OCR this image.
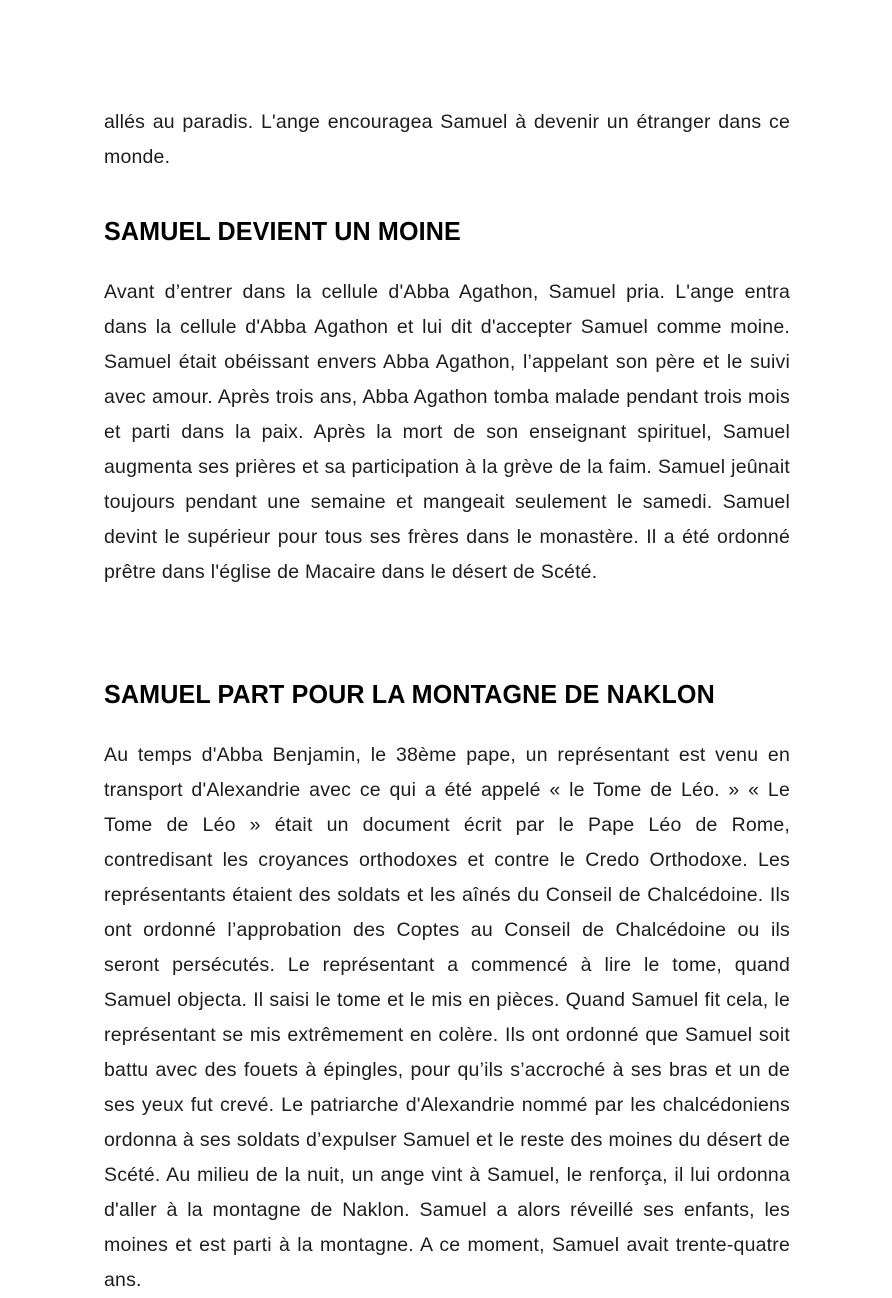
allés au paradis. L'ange encouragea Samuel à devenir un étranger dans ce monde.

SAMUEL DEVIENT UN MOINE

Avant d’entrer dans la cellule d'Abba Agathon, Samuel pria. L'ange entra dans la cellule d'Abba Agathon et lui dit d'accepter Samuel comme moine. Samuel était obéissant envers Abba Agathon, l’appelant son père et le suivi avec amour. Après trois ans, Abba Agathon tomba malade pendant trois mois et parti dans la paix. Après la mort de son enseignant spirituel, Samuel augmenta ses prières et sa participation à la grève de la faim. Samuel jeûnait toujours pendant une semaine et mangeait seulement le samedi. Samuel devint le supérieur pour tous ses frères dans le monastère. Il a été ordonné prêtre dans l'église de Macaire dans le désert de Scété.

SAMUEL PART POUR LA MONTAGNE DE NAKLON

Au temps d'Abba Benjamin, le 38ème pape, un représentant est venu en transport d'Alexandrie avec ce qui a été appelé « le Tome de Léo. » « Le Tome de Léo » était un document écrit par le Pape Léo de Rome, contredisant les croyances orthodoxes et contre le Credo Orthodoxe. Les représentants étaient des soldats et les aînés du Conseil de Chalcédoine. Ils ont ordonné l’approbation des Coptes au Conseil de Chalcédoine ou ils seront persécutés. Le représentant a commencé à lire le tome, quand Samuel objecta. Il saisi le tome et le mis en pièces. Quand Samuel fit cela, le représentant se mis extrêmement en colère. Ils ont ordonné que Samuel soit battu avec des fouets à épingles, pour qu’ils s’accroché à ses bras et un de ses yeux fut crevé. Le patriarche d'Alexandrie nommé par les chalcédoniens ordonna à ses soldats d’expulser Samuel et le reste des moines du désert de Scété. Au milieu de la nuit, un ange vint à Samuel, le renforça, il lui ordonna d'aller à la montagne de Naklon. Samuel a alors réveillé ses enfants, les moines et est parti à la montagne. A ce moment, Samuel avait trente-quatre ans.
